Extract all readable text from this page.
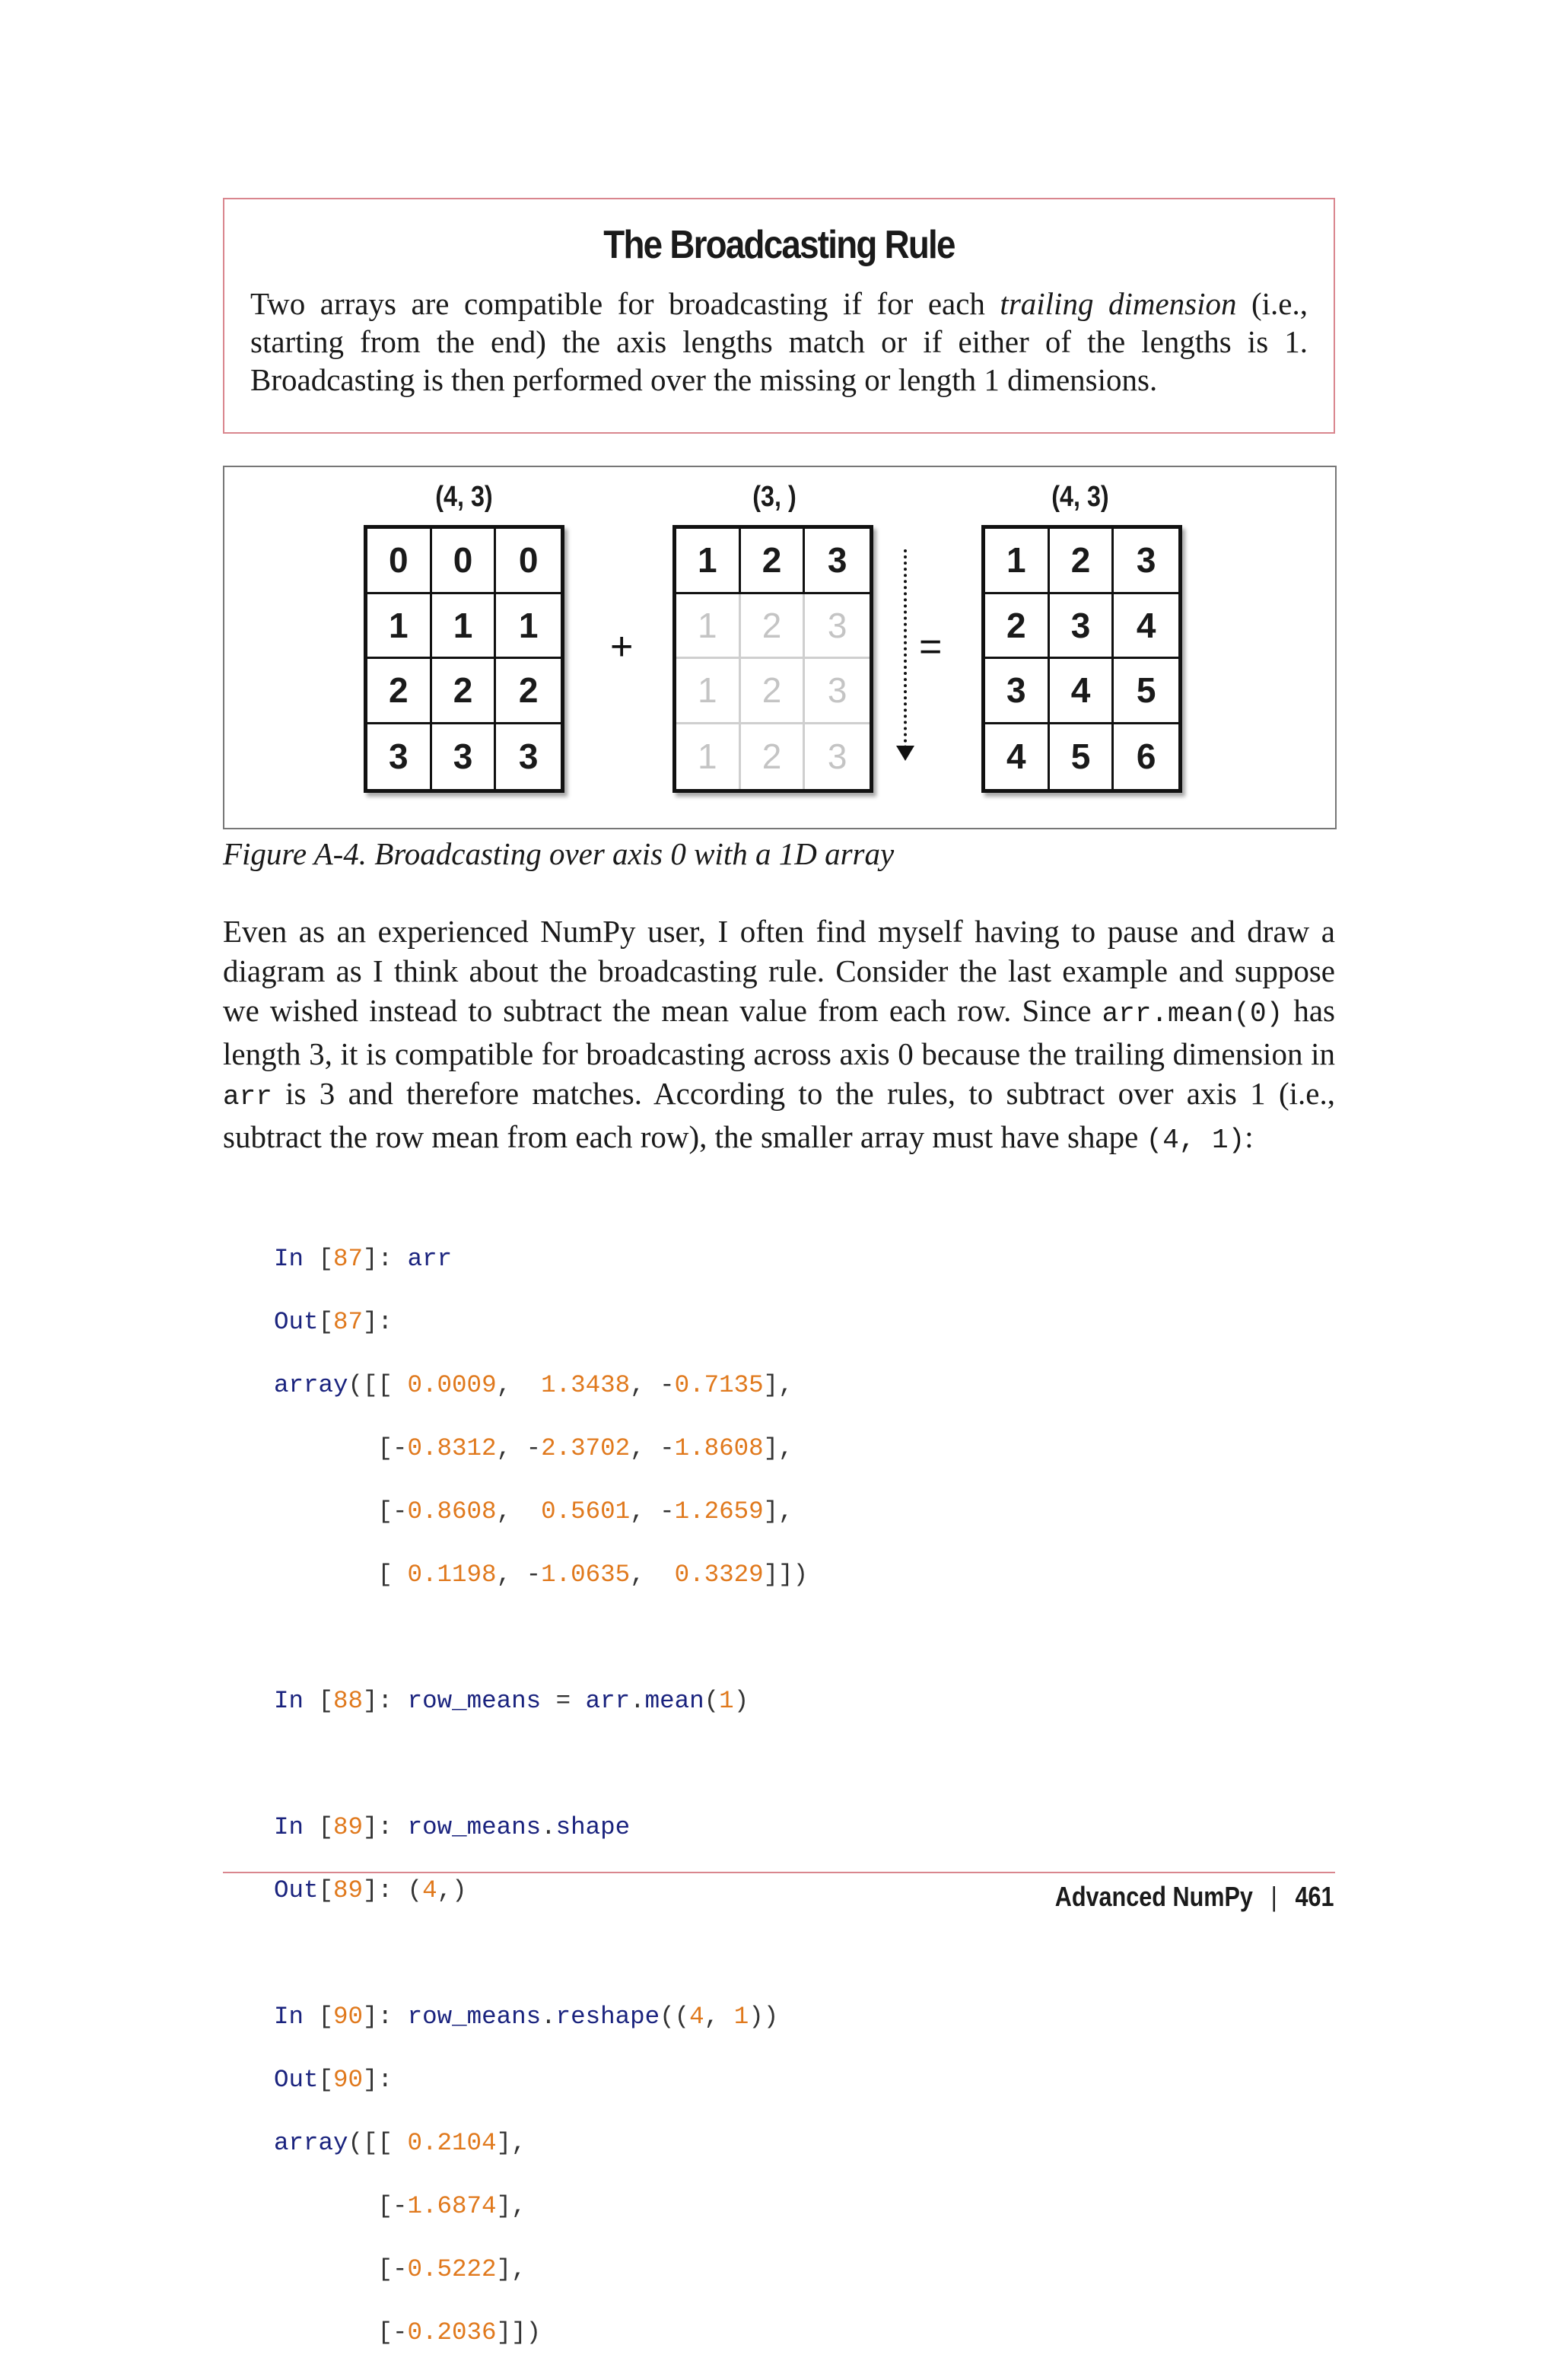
The Broadcasting Rule
Two arrays are compatible for broadcasting if for each trailing dimension (i.e., starting from the end) the axis lengths match or if either of the lengths is 1. Broadcasting is then performed over the missing or length 1 dimensions.
(4, 3)	(3, )	(4, 3)
0	0	0
1	1	1
2	2	2
3	3	3
1	2	3
1	2	3
1	2	3
1	2	3
1	2	3
2	3	4
3	4	5
4	5	6
+	=
Figure A-4. Broadcasting over axis 0 with a 1D array
Even as an experienced NumPy user, I often find myself having to pause and draw a diagram as I think about the broadcasting rule. Consider the last example and suppose we wished instead to subtract the mean value from each row. Since arr.mean(0) has length 3, it is compatible for broadcasting across axis 0 because the trailing dimension in arr is 3 and therefore matches. According to the rules, to subtract over axis 1 (i.e., subtract the row mean from each row), the smaller array must have shape (4, 1):

In [87]: arr

Out[87]:

array([[ 0.0009,  1.3438, -0.7135],

[-0.8312, -2.3702, -1.8608],

[-0.8608,  0.5601, -1.2659],

[ 0.1198, -1.0635,  0.3329]])

In [88]: row_means = arr.mean(1)

In [89]: row_means.shape

Out[89]: (4,)

In [90]: row_means.reshape((4, 1))

Out[90]:

array([[ 0.2104],

[-1.6874],

[-0.5222],

[-0.2036]])

Advanced NumPy | 461
